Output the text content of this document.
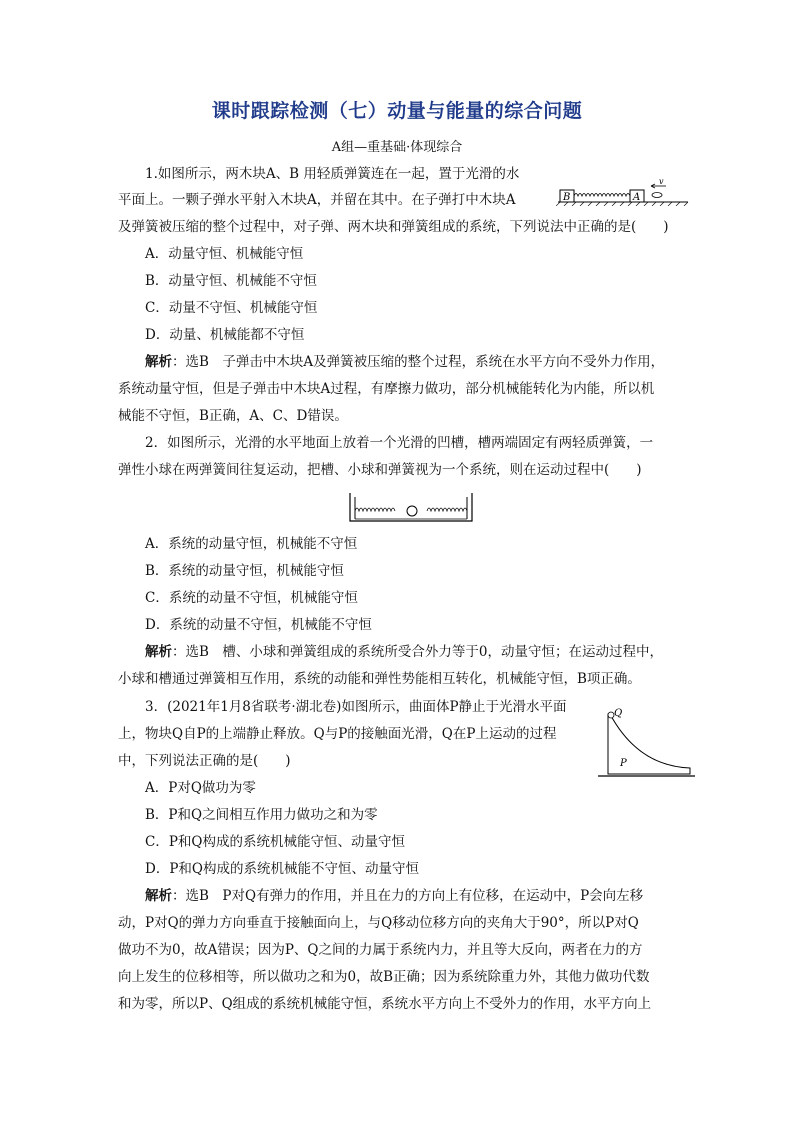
课时跟踪检测（七）动量与能量的综合问题
A组—重基础·体现综合
1.如图所示，两木块A、B 用轻质弹簧连在一起，置于光滑的水
平面上。一颗子弹水平射入木块A，并留在其中。在子弹打中木块A
及弹簧被压缩的整个过程中，对子弹、两木块和弹簧组成的系统，下列说法中正确的是(　　)
B	A
v
A．动量守恒、机械能守恒
B．动量守恒、机械能不守恒
C．动量不守恒、机械能守恒
D．动量、机械能都不守恒
解析：选B　子弹击中木块A及弹簧被压缩的整个过程，系统在水平方向不受外力作用，
系统动量守恒，但是子弹击中木块A过程，有摩擦力做功，部分机械能转化为内能，所以机
械能不守恒，B正确，A、C、D错误。
2．如图所示，光滑的水平地面上放着一个光滑的凹槽，槽两端固定有两轻质弹簧，一
弹性小球在两弹簧间往复运动，把槽、小球和弹簧视为一个系统，则在运动过程中(　　)
A．系统的动量守恒，机械能不守恒
B．系统的动量守恒，机械能守恒
C．系统的动量不守恒，机械能守恒
D．系统的动量不守恒，机械能不守恒
解析：选B　槽、小球和弹簧组成的系统所受合外力等于0，动量守恒；在运动过程中，
小球和槽通过弹簧相互作用，系统的动能和弹性势能相互转化，机械能守恒，B项正确。
3．(2021年1月8省联考·湖北卷)如图所示，曲面体P静止于光滑水平面
上，物块Q自P的上端静止释放。Q与P的接触面光滑，Q在P上运动的过程
中，下列说法正确的是(　　)
Q
P
A．P对Q做功为零
B．P和Q之间相互作用力做功之和为零
C．P和Q构成的系统机械能守恒、动量守恒
D．P和Q构成的系统机械能不守恒、动量守恒
解析：选B　P对Q有弹力的作用，并且在力的方向上有位移，在运动中，P会向左移
动，P对Q的弹力方向垂直于接触面向上，与Q移动位移方向的夹角大于90°，所以P对Q
做功不为0，故A错误；因为P、Q之间的力属于系统内力，并且等大反向，两者在力的方
向上发生的位移相等，所以做功之和为0，故B正确；因为系统除重力外，其他力做功代数
和为零，所以P、Q组成的系统机械能守恒，系统水平方向上不受外力的作用，水平方向上
